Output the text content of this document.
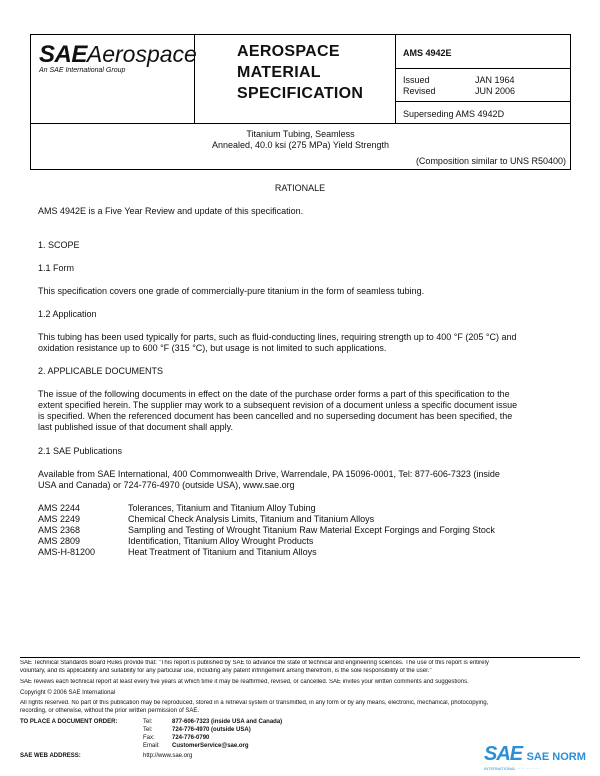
SAEAerospace
An SAE International Group
AEROSPACE
MATERIAL
SPECIFICATION
AMS 4942E
Issued	JAN 1964
Revised	JUN 2006
Superseding AMS 4942D
Titanium Tubing, Seamless
Annealed, 40.0 ksi (275 MPa) Yield Strength
(Composition similar to UNS R50400)
RATIONALE
AMS 4942E is a Five Year Review and update of this specification.
1. SCOPE
1.1 Form
This specification covers one grade of commercially-pure titanium in the form of seamless tubing.
1.2 Application
This tubing has been used typically for parts, such as fluid-conducting lines, requiring strength up to 400 °F (205 °C) and
oxidation resistance up to 600 °F (315 °C), but usage is not limited to such applications.
2. APPLICABLE DOCUMENTS
The issue of the following documents in effect on the date of the purchase order forms a part of this specification to the
extent specified herein. The supplier may work to a subsequent revision of a document unless a specific document issue
is specified. When the referenced document has been cancelled and no superseding document has been specified, the
last published issue of that document shall apply.
2.1 SAE Publications
Available from SAE International, 400 Commonwealth Drive, Warrendale, PA 15096-0001, Tel: 877-606-7323 (inside
USA and Canada) or 724-776-4970 (outside USA), www.sae.org
AMS 2244	Tolerances, Titanium and Titanium Alloy Tubing
AMS 2249	Chemical Check Analysis Limits, Titanium and Titanium Alloys
AMS 2368	Sampling and Testing of Wrought Titanium Raw Material Except Forgings and Forging Stock
AMS 2809	Identification, Titanium Alloy Wrought Products
AMS-H-81200	Heat Treatment of Titanium and Titanium Alloys
SAE Technical Standards Board Rules provide that: "This report is published by SAE to advance the state of technical and engineering sciences. The use of this report is entirely
voluntary, and its applicability and suitability for any particular use, including any patent infringement arising therefrom, is the sole responsibility of the user."
SAE reviews each technical report at least every five years at which time it may be reaffirmed, revised, or cancelled. SAE invites your written comments and suggestions.
Copyright © 2006 SAE International
All rights reserved. No part of this publication may be reproduced, stored in a retrieval system or transmitted, in any form or by any means, electronic, mechanical, photocopying,
recording, or otherwise, without the prior written permission of SAE.
TO PLACE A DOCUMENT ORDER:	Tel:	877-606-7323 (inside USA and Canada)
Tel:	724-776-4970 (outside USA)
Fax:	724-776-0790
Email: CustomerService@sae.org
SAE WEB ADDRESS:	http://www.sae.org	SAE SAE NORM
INTERNATIONAL · · · · · · · · · ·
